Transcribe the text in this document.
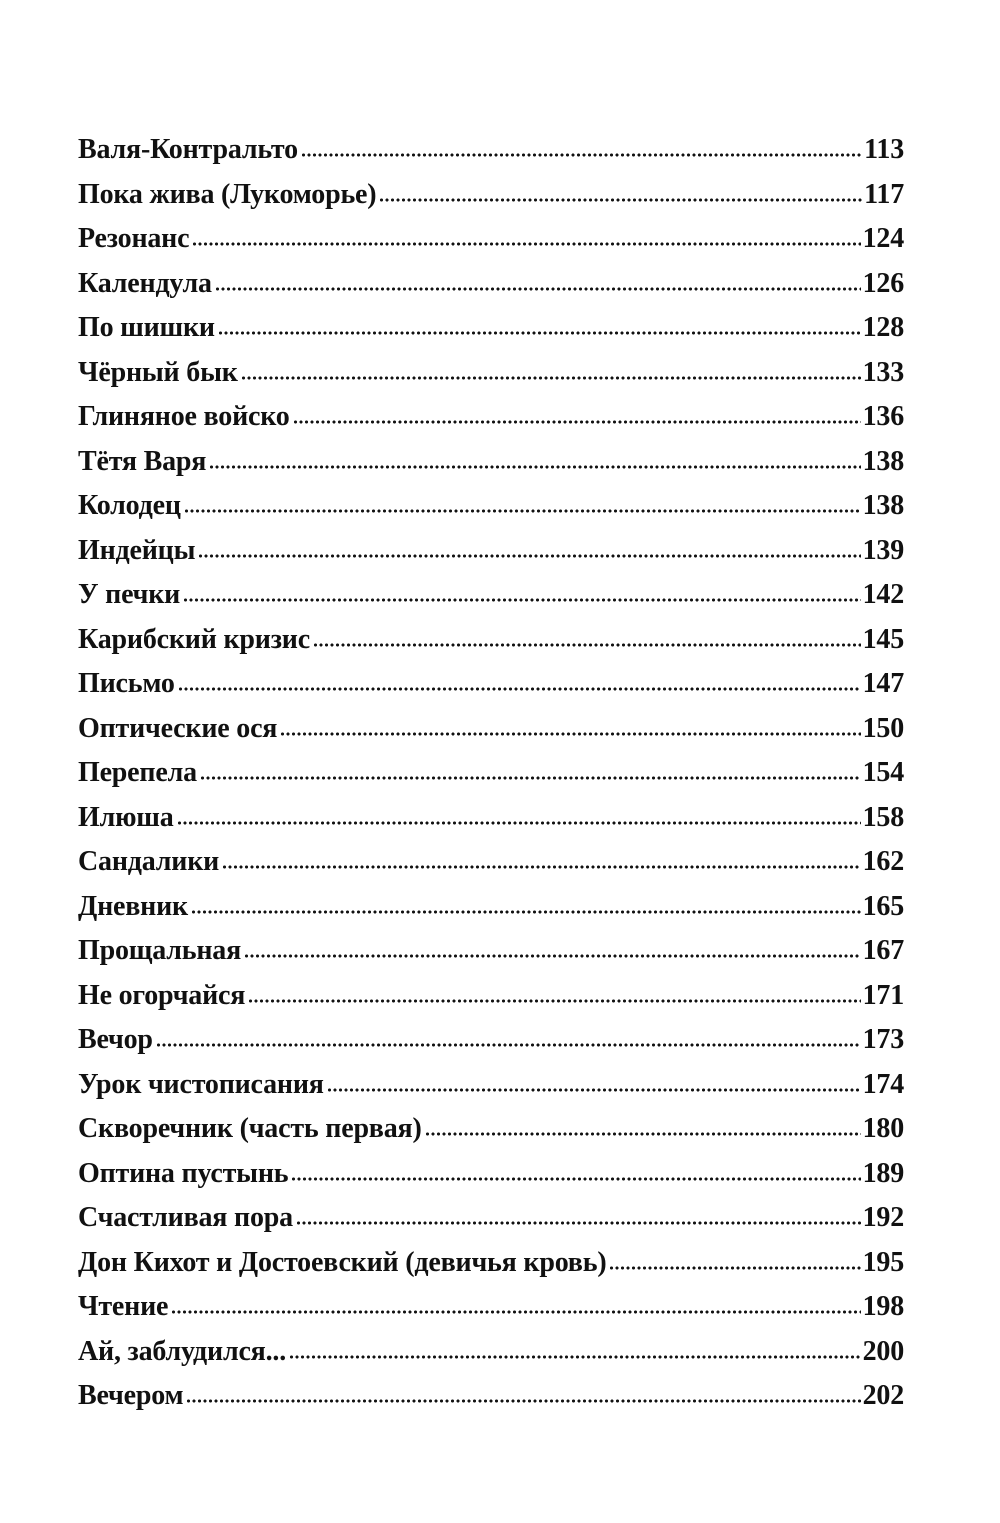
Валя-Контральто	113
Пока жива (Лукоморье)	117
Резонанс	124
Календула	126
По шишки	128
Чёрный бык	133
Глиняное войско	136
Тётя Варя	138
Колодец	138
Индейцы	139
У печки	142
Карибский кризис	145
Письмо	147
Оптические ося	150
Перепела	154
Илюша	158
Сандалики	162
Дневник	165
Прощальная	167
Не огорчайся	171
Вечор	173
Урок чистописания	174
Скворечник (часть первая)	180
Оптина пустынь	189
Счастливая пора	192
Дон Кихот и Достоевский (девичья кровь)	195
Чтение	198
Ай, заблудился...	200
Вечером	202
